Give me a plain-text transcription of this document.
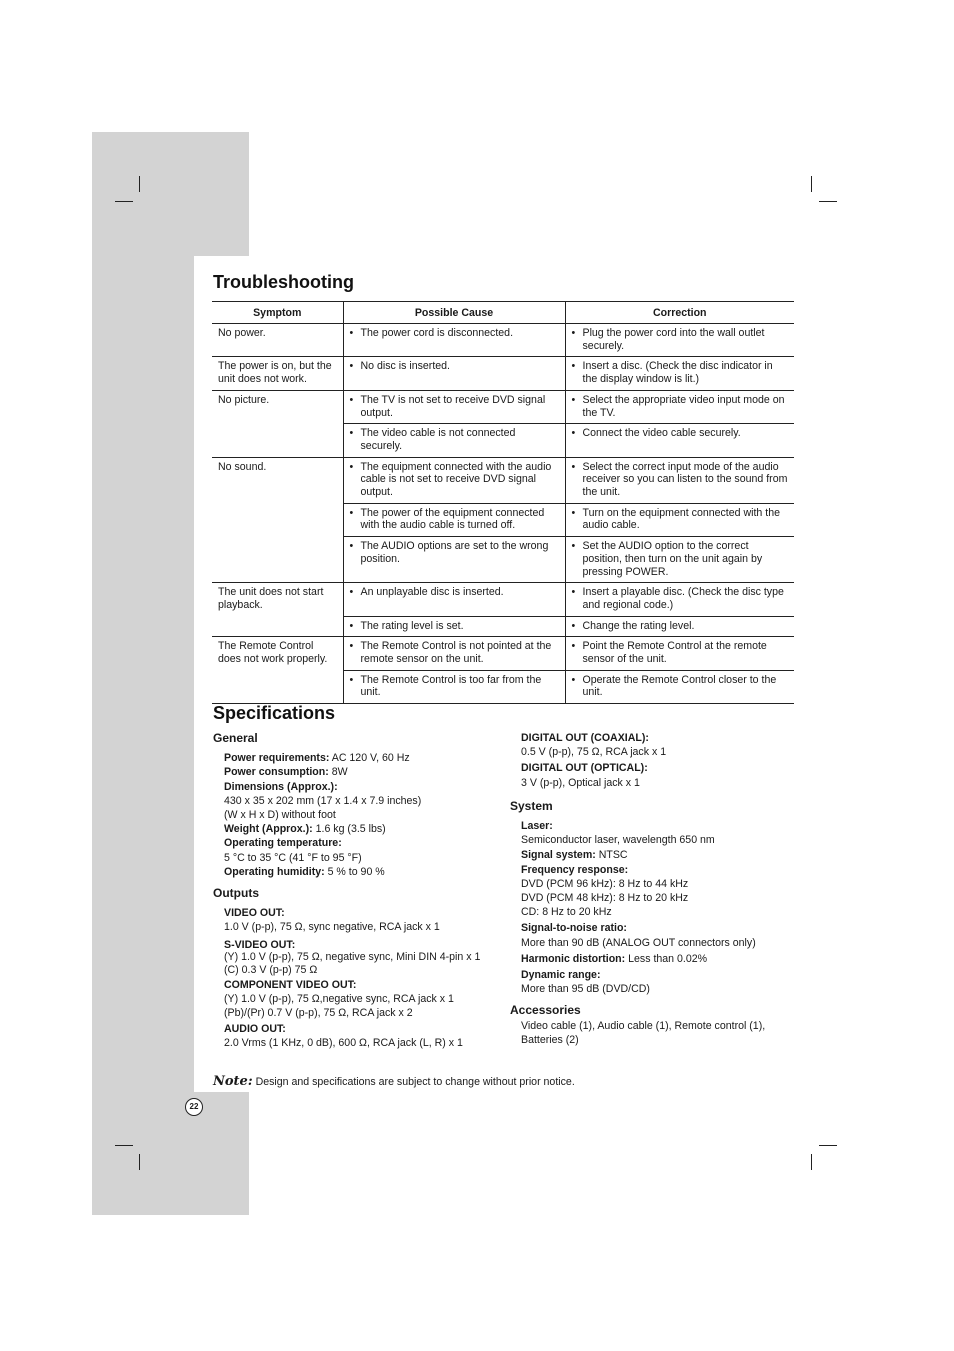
Troubleshooting
Symptom	Possible Cause	Correction
No power.	• The power cord is disconnected.	• Plug the power cord into the wall outlet securely.

The power is on, but the unit does not work.	• No disc is inserted.	• Insert a disc. (Check the disc indicator in the display window is lit.)

No picture.	• The TV is not set to receive DVD signal output.	• Select the appropriate video input mode on the TV.

	• The video cable is not connected securely.	• Connect the video cable securely.

No sound.	• The equipment connected with the audio cable is not set to receive DVD signal output.	• Select the correct input mode of the audio receiver so you can listen to the sound from the unit.

	• The power of the equipment connected with the audio cable is turned off.	• Turn on the equipment connected with the audio cable.

	• The AUDIO options are set to the wrong position.	• Set the AUDIO option to the correct position, then turn on the unit again by pressing POWER.

The unit does not start playback.	• An unplayable disc is inserted.	• Insert a playable disc. (Check the disc type and regional code.)

	• The rating level is set.	• Change the rating level.

The Remote Control does not work properly.	• The Remote Control is not pointed at the remote sensor on the unit.	• Point the Remote Control at the remote sensor of the unit.

	• The Remote Control is too far from the unit.	• Operate the Remote Control closer to the unit.
Specifications
General

Power requirements: AC 120 V, 60 Hz

Power consumption: 8W

Dimensions (Approx.):

430 x 35 x 202 mm (17 x 1.4 x 7.9 inches)

(W x H x D) without foot

Weight (Approx.): 1.6 kg (3.5 lbs)

Operating temperature:

5 °C to 35 °C (41 °F to 95 °F)

Operating humidity: 5 % to 90 %

Outputs

VIDEO OUT:

1.0 V (p-p), 75 Ω, sync negative, RCA jack x 1

S-VIDEO OUT:

(Y) 1.0 V (p-p), 75 Ω, negative sync, Mini DIN 4-pin x 1

(C) 0.3 V (p-p) 75 Ω

COMPONENT VIDEO OUT:

(Y) 1.0 V (p-p), 75 Ω,negative sync, RCA jack x 1

(Pb)/(Pr) 0.7 V (p-p), 75 Ω, RCA jack x 2

AUDIO OUT:

2.0 Vrms (1 KHz, 0 dB), 600 Ω, RCA jack (L, R) x 1

DIGITAL OUT (COAXIAL):

0.5 V (p-p), 75 Ω, RCA jack x 1

DIGITAL OUT (OPTICAL):

3 V (p-p), Optical jack x 1

System

Laser:

Semiconductor laser, wavelength 650 nm

Signal system: NTSC

Frequency response:

DVD (PCM 96 kHz): 8 Hz to 44 kHz

DVD (PCM 48 kHz): 8 Hz to 20 kHz

CD: 8 Hz to 20 kHz

Signal-to-noise ratio:

More than 90 dB (ANALOG OUT connectors only)

Harmonic distortion: Less than 0.02%

Dynamic range:

More than 95 dB (DVD/CD)

Accessories

Video cable (1), Audio cable (1), Remote control (1), Batteries (2)

Note: Design and specifications are subject to change without prior notice.
22
